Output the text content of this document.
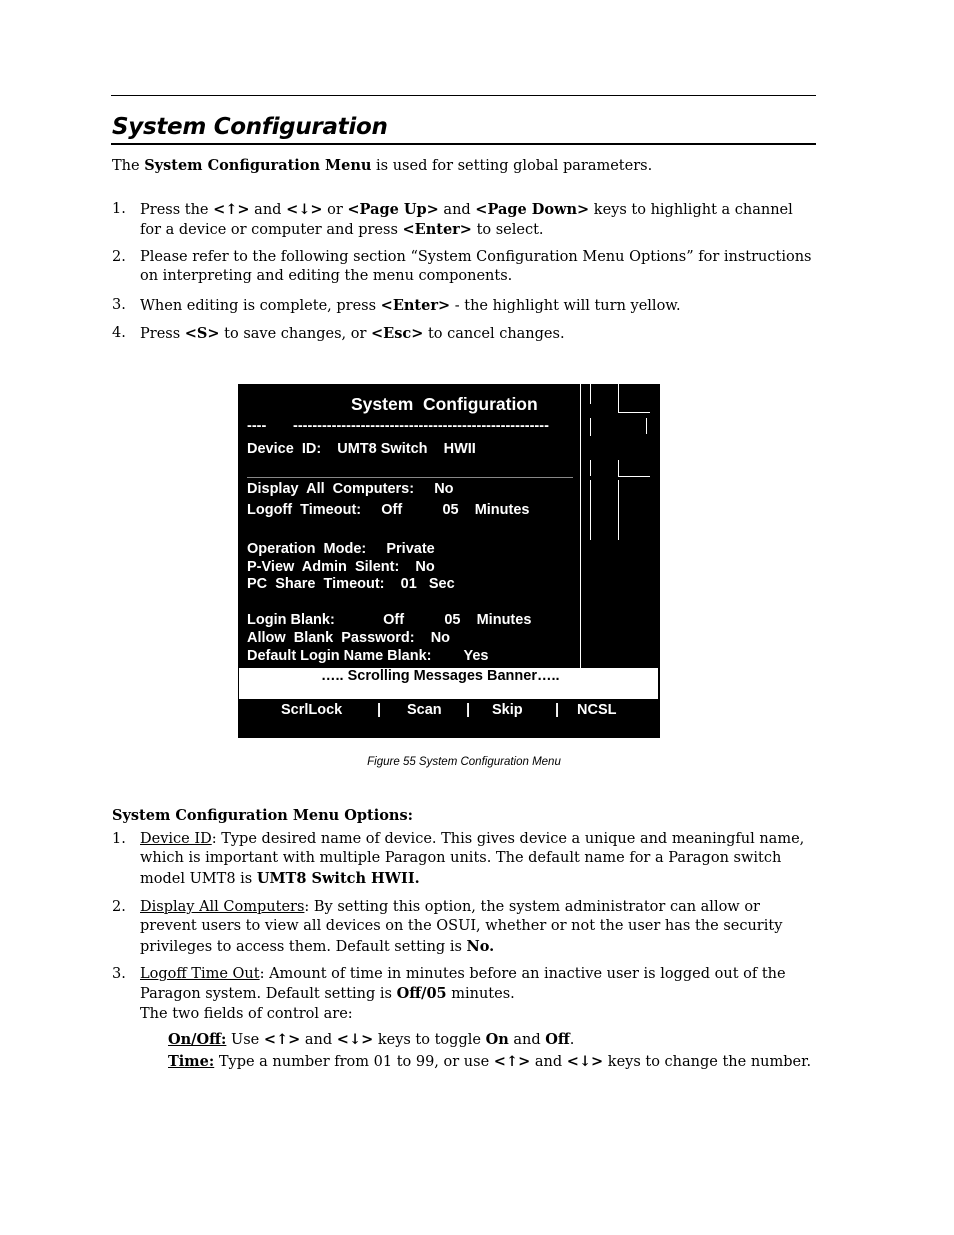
System Configuration
The System Configuration Menu is used for setting global parameters.
1. Press the <↑> and <↓> or <Page Up> and <Page Down> keys to highlight a channel for a device or computer and press <Enter> to select.
2. Please refer to the following section “System Configuration Menu Options” for instructions on interpreting and editing the menu components.
3. When editing is complete, press <Enter> - the highlight will turn yellow.
4. Press <S> to save changes, or <Esc> to cancel changes.
System  Configuration
---- -----------------------------------------------------
Device  ID:    UMT8 Switch    HWII
Display  All  Computers:     No
Logoff  Timeout:     Off          05    Minutes
Operation  Mode:     Private
P-View  Admin  Silent:    No
PC  Share  Timeout:    01   Sec
Login Blank:            Off          05    Minutes
Allow  Blank  Password:    No
Default Login Name Blank:        Yes
….. Scrolling Messages Banner…..
ScrlLock | Scan | Skip | NCSL
Figure 55 System Configuration Menu
System Configuration Menu Options:
1. Device ID: Type desired name of device. This gives device a unique and meaningful name, which is important with multiple Paragon units. The default name for a Paragon switch model UMT8 is UMT8 Switch HWII.
2. Display All Computers: By setting this option, the system administrator can allow or prevent users to view all devices on the OSUI, whether or not the user has the security privileges to access them. Default setting is No.
3. Logoff Time Out: Amount of time in minutes before an inactive user is logged out of the Paragon system. Default setting is Off/05 minutes.
The two fields of control are:
On/Off: Use <↑> and <↓> keys to toggle On and Off.
Time: Type a number from 01 to 99, or use <↑> and <↓> keys to change the number.
